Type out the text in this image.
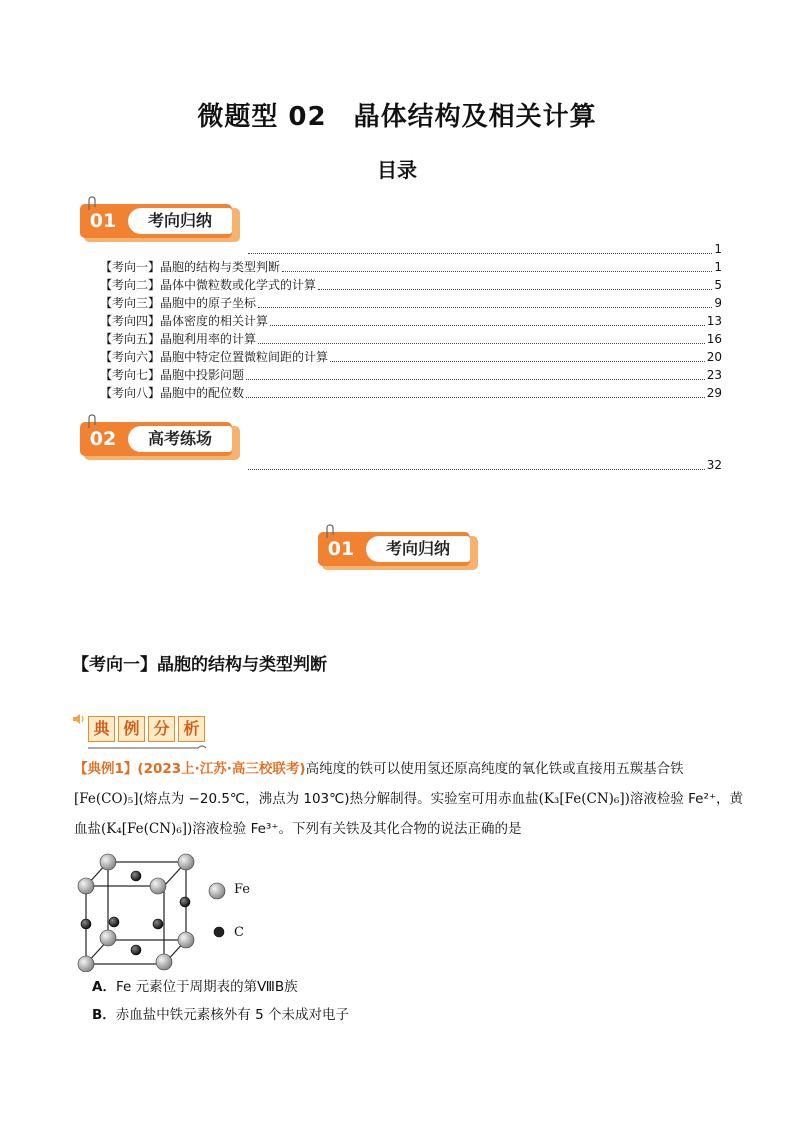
微题型 02　晶体结构及相关计算
目录
01	考向归纳
1
【考向一】晶胞的结构与类型判断	1
【考向二】晶体中微粒数或化学式的计算	5
【考向三】晶胞中的原子坐标	9
【考向四】晶体密度的相关计算	13
【考向五】晶胞利用率的计算	16
【考向六】晶胞中特定位置微粒间距的计算	20
【考向七】晶胞中投影问题	23
【考向八】晶胞中的配位数	29
02	高考练场
32
01	考向归纳
【考向一】晶胞的结构与类型判断
典 例 分 析
【典例1】(2023上·江苏·高三校联考)高纯度的铁可以使用氢还原高纯度的氧化铁或直接用五羰基合铁
[Fe(CO)₅](熔点为 −20.5℃，沸点为 103℃)热分解制得。实验室可用赤血盐(K₃[Fe(CN)₆])溶液检验 Fe²⁺，黄
血盐(K₄[Fe(CN)₆])溶液检验 Fe³⁺。下列有关铁及其化合物的说法正确的是
Fe
C
A．Fe 元素位于周期表的第ⅧB族
B．赤血盐中铁元素核外有 5 个未成对电子
